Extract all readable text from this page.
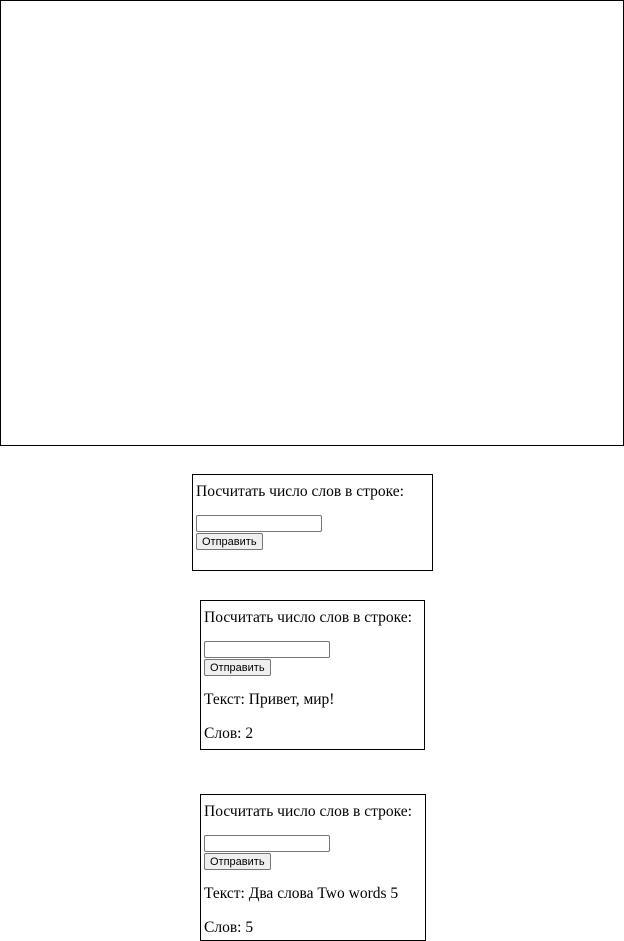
Посчитать число слов в строке:

Отправить

Посчитать число слов в строке:

Отправить

Текст: Привет, мир!

Слов: 2

Посчитать число слов в строке:

Отправить

Текст: Два слова Two words 5

Слов: 5
